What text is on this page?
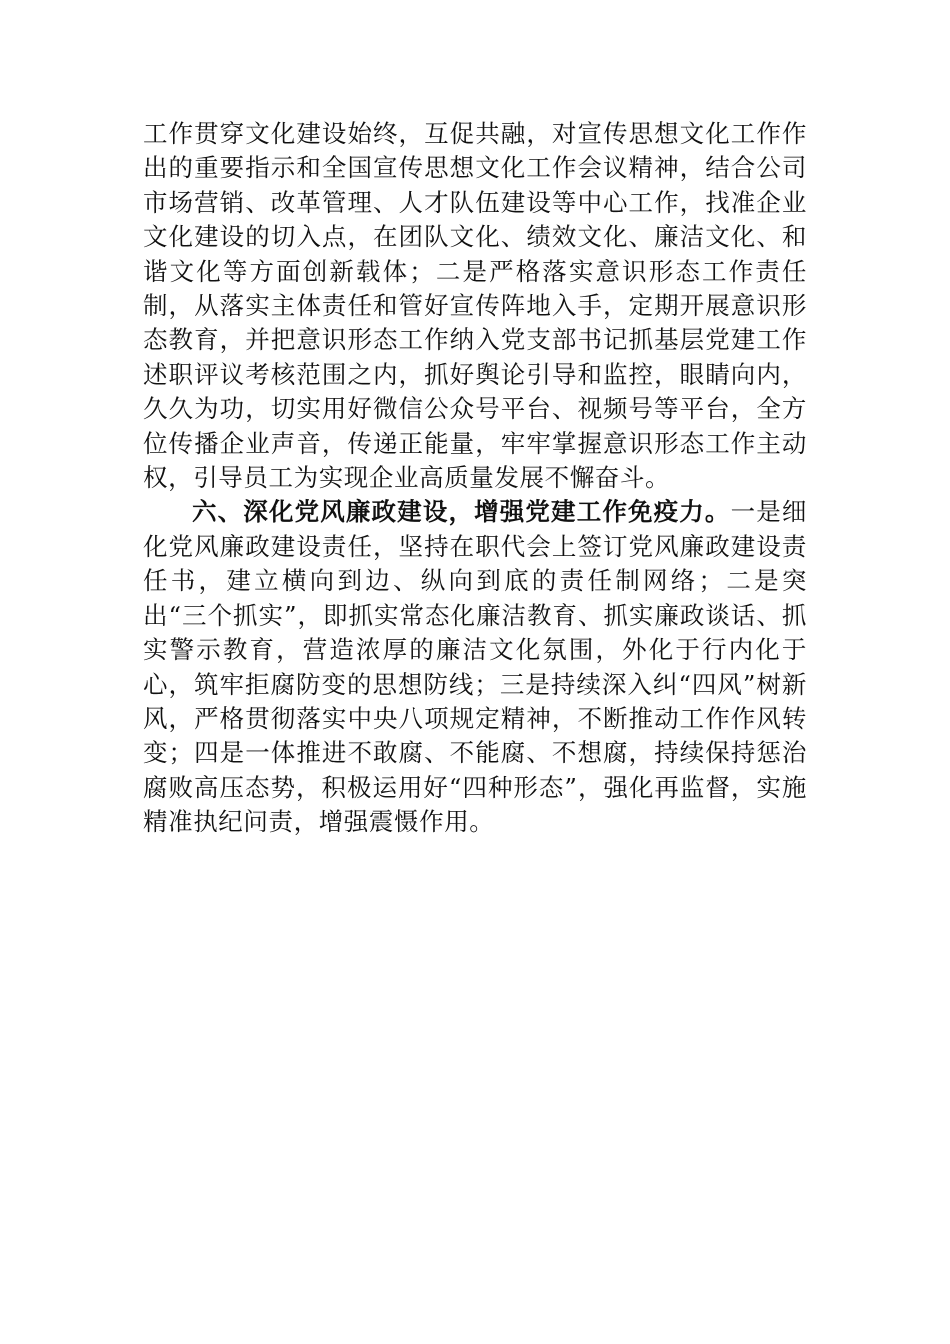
工作贯穿文化建设始终，互促共融，对宣传思想文化工作作出的重要指示和全国宣传思想文化工作会议精神，结合公司市场营销、改革管理、人才队伍建设等中心工作，找准企业文化建设的切入点，在团队文化、绩效文化、廉洁文化、和谐文化等方面创新载体；二是严格落实意识形态工作责任制，从落实主体责任和管好宣传阵地入手，定期开展意识形态教育，并把意识形态工作纳入党支部书记抓基层党建工作述职评议考核范围之内，抓好舆论引导和监控，眼睛向内，久久为功，切实用好微信公众号平台、视频号等平台，全方位传播企业声音，传递正能量，牢牢掌握意识形态工作主动权，引导员工为实现企业高质量发展不懈奋斗。

六、深化党风廉政建设，增强党建工作免疫力。一是细化党风廉政建设责任，坚持在职代会上签订党风廉政建设责任书，建立横向到边、纵向到底的责任制网络；二是突出“三个抓实”，即抓实常态化廉洁教育、抓实廉政谈话、抓实警示教育，营造浓厚的廉洁文化氛围，外化于行内化于心，筑牢拒腐防变的思想防线；三是持续深入纠“四风”树新风，严格贯彻落实中央八项规定精神，不断推动工作作风转变；四是一体推进不敢腐、不能腐、不想腐，持续保持惩治腐败高压态势，积极运用好“四种形态”，强化再监督，实施精准执纪问责，增强震慑作用。
